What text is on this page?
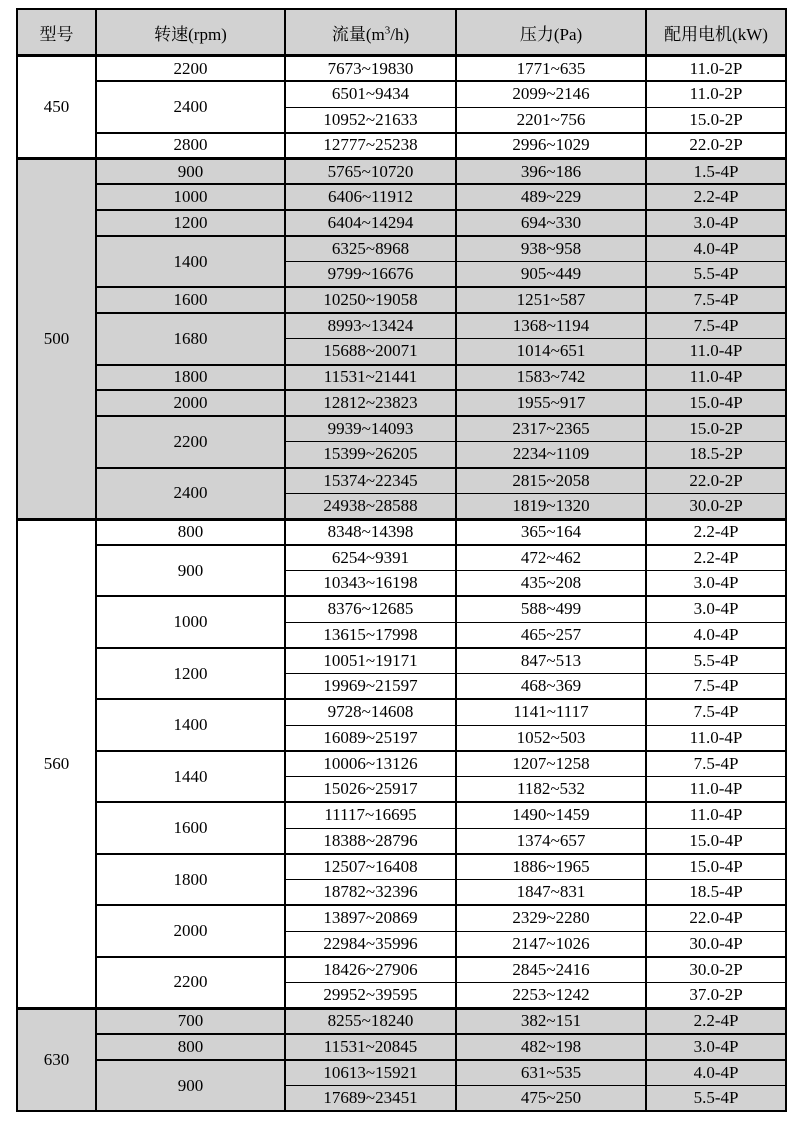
型号	转速(rpm)	流量$(m^3/h)$	压力(Pa)	配用电机(kW)
450	2200	7673~19830	1771~635	11.0-2P
	2400	6501~9434	2099~2146	11.0-2P
		10952~21633	2201~756	15.0-2P
	2800	12777~25238	2996~1029	22.0-2P
500	900	5765~10720	396~186	1.5-4P
	1000	6406~11912	489~229	2.2-4P
	1200	6404~14294	694~330	3.0-4P
	1400	6325~8968	938~958	4.0-4P
		9799~16676	905~449	5.5-4P
	1600	10250~19058	1251~587	7.5-4P
	1680	8993~13424	1368~1194	7.5-4P
		15688~20071	1014~651	11.0-4P
	1800	11531~21441	1583~742	11.0-4P
	2000	12812~23823	1955~917	15.0-4P
	2200	9939~14093	2317~2365	15.0-2P
		15399~26205	2234~1109	18.5-2P
	2400	15374~22345	2815~2058	22.0-2P
		24938~28588	1819~1320	30.0-2P
560	800	8348~14398	365~164	2.2-4P
	900	6254~9391	472~462	2.2-4P
		10343~16198	435~208	3.0-4P
	1000	8376~12685	588~499	3.0-4P
		13615~17998	465~257	4.0-4P
	1200	10051~19171	847~513	5.5-4P
		19969~21597	468~369	7.5-4P
	1400	9728~14608	1141~1117	7.5-4P
		16089~25197	1052~503	11.0-4P
	1440	10006~13126	1207~1258	7.5-4P
		15026~25917	1182~532	11.0-4P
	1600	11117~16695	1490~1459	11.0-4P
		18388~28796	1374~657	15.0-4P
	1800	12507~16408	1886~1965	15.0-4P
		18782~32396	1847~831	18.5-4P
	2000	13897~20869	2329~2280	22.0-4P
		22984~35996	2147~1026	30.0-4P
	2200	18426~27906	2845~2416	30.0-2P
		29952~39595	2253~1242	37.0-2P
630	700	8255~18240	382~151	2.2-4P
	800	11531~20845	482~198	3.0-4P
	900	10613~15921	631~535	4.0-4P
		17689~23451	475~250	5.5-4P
